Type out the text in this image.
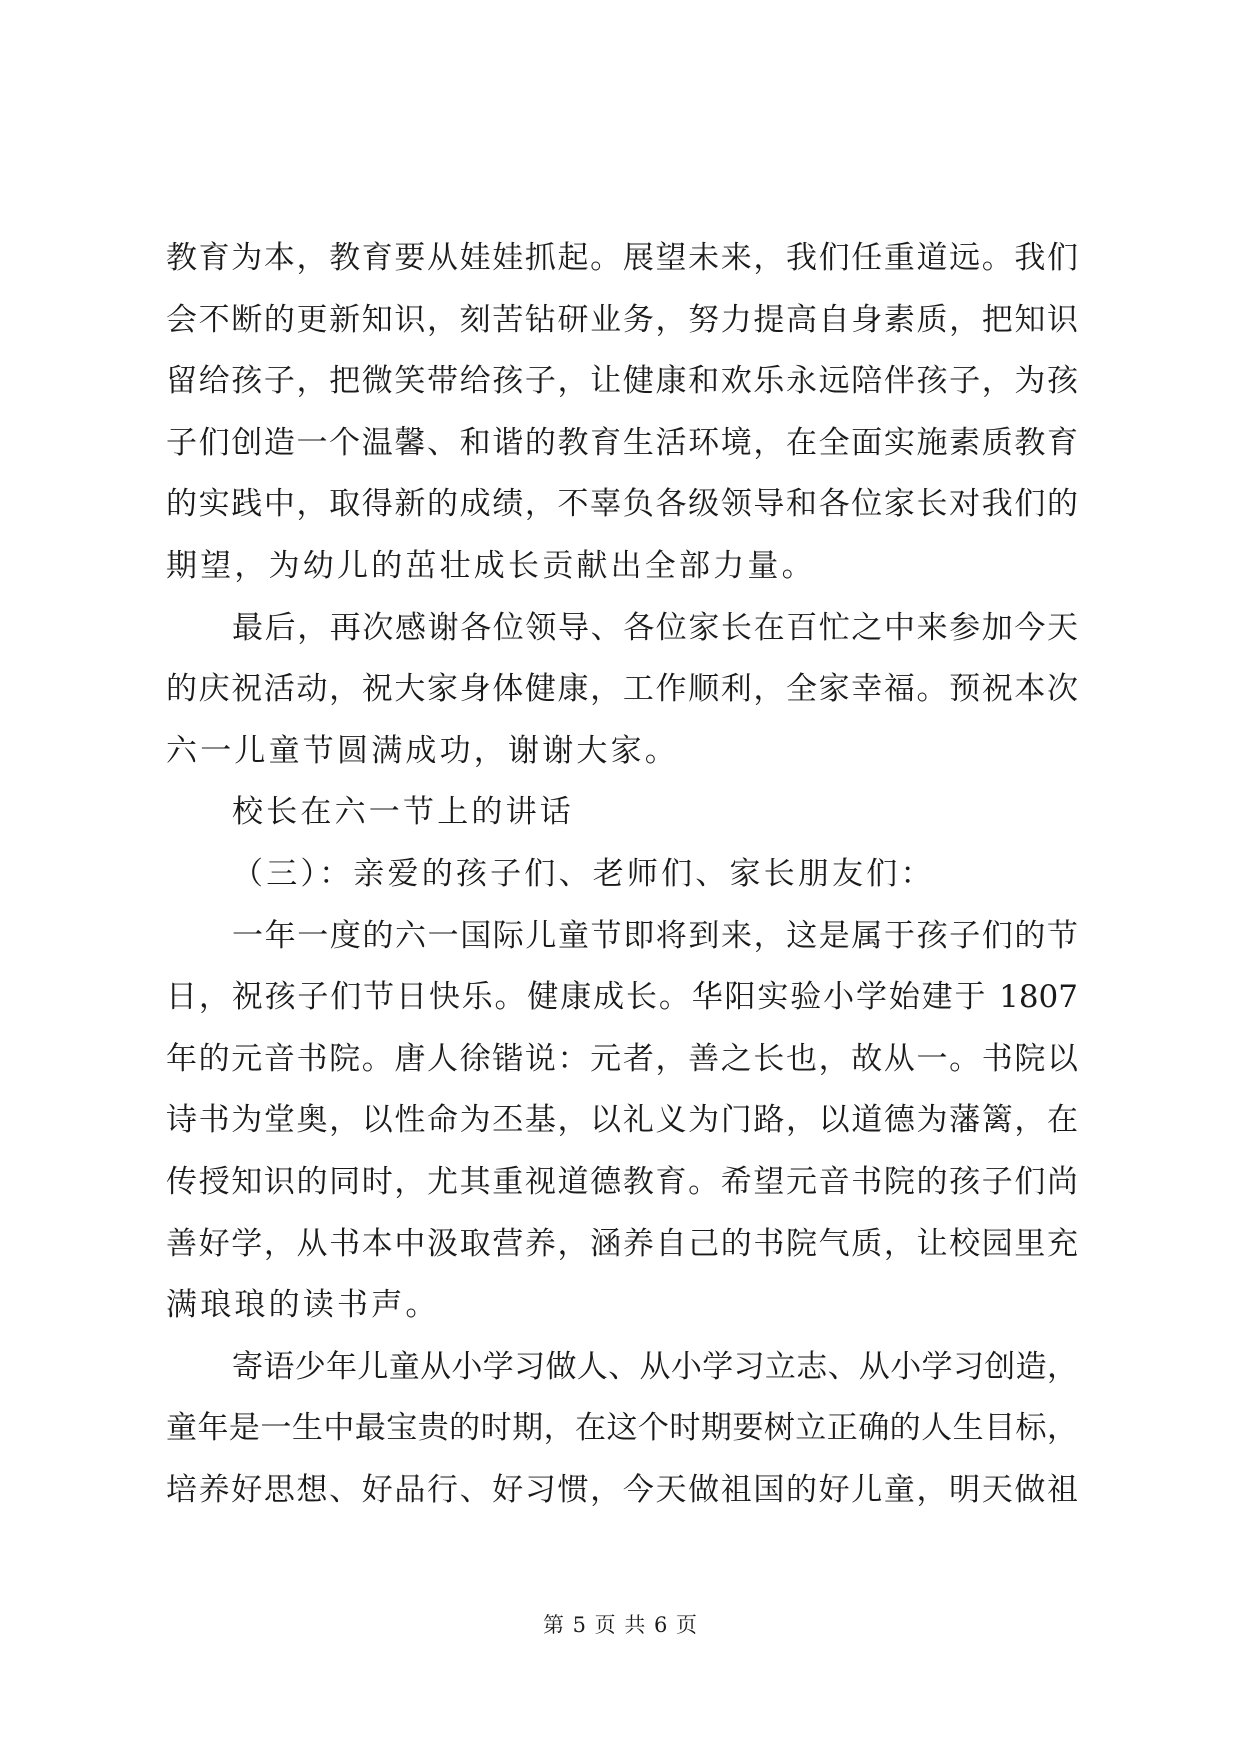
教育为本，教育要从娃娃抓起。展望未来，我们任重道远。我们
会不断的更新知识，刻苦钻研业务，努力提高自身素质，把知识
留给孩子，把微笑带给孩子，让健康和欢乐永远陪伴孩子，为孩
子们创造一个温馨、和谐的教育生活环境，在全面实施素质教育
的实践中，取得新的成绩，不辜负各级领导和各位家长对我们的
期望，为幼儿的茁壮成长贡献出全部力量。
最后，再次感谢各位领导、各位家长在百忙之中来参加今天
的庆祝活动，祝大家身体健康，工作顺利，全家幸福。预祝本次
六一儿童节圆满成功，谢谢大家。
校长在六一节上的讲话
（三）：亲爱的孩子们、老师们、家长朋友们：
一年一度的六一国际儿童节即将到来，这是属于孩子们的节
日，祝孩子们节日快乐。健康成长。华阳实验小学始建于 1807
年的元音书院。唐人徐锴说：元者，善之长也，故从一。书院以
诗书为堂奥，以性命为丕基，以礼义为门路，以道德为藩篱，在
传授知识的同时，尤其重视道德教育。希望元音书院的孩子们尚
善好学，从书本中汲取营养，涵养自己的书院气质，让校园里充
满琅琅的读书声。
寄语少年儿童从小学习做人、从小学习立志、从小学习创造，
童年是一生中最宝贵的时期，在这个时期要树立正确的人生目标，
培养好思想、好品行、好习惯，今天做祖国的好儿童，明天做祖
第 5 页 共 6 页
